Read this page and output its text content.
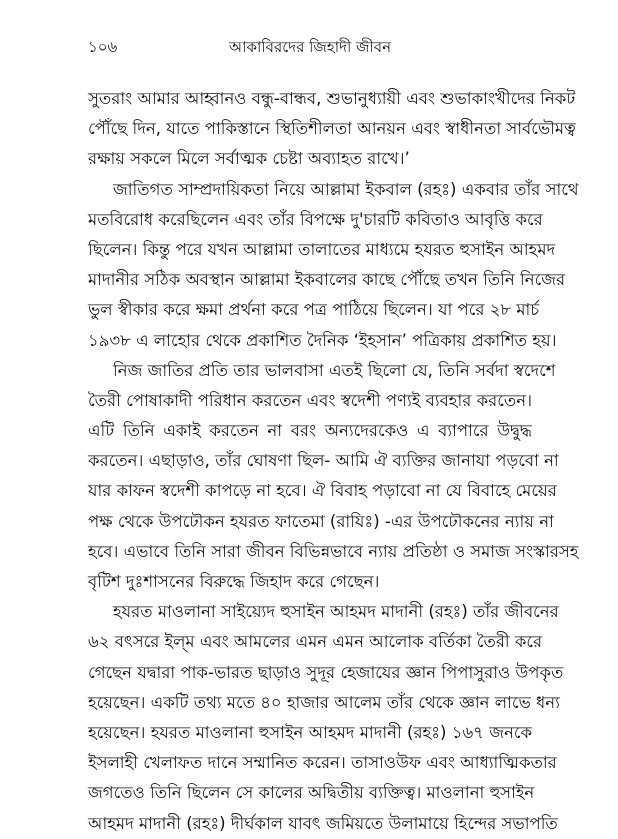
১০৬	আকাবিরদের জিহাদী জীবন
সুতরাং আমার আহ্বানও বন্ধু-বান্ধব, শুভানুধ্যায়ী এবং শুভাকাংখীদের নিকট
পৌঁছে দিন, যাতে পাকিস্তানে স্থিতিশীলতা আনয়ন এবং স্বাধীনতা সার্বভৌমত্ব
রক্ষায় সকলে মিলে সর্বাত্মক চেষ্টা অব্যাহত রাখে।’
জাতিগত সাম্প্রদায়িকতা নিয়ে আল্লামা ইকবাল (রহঃ) একবার তাঁর সাথে
মতবিরোধ করেছিলেন এবং তাঁর বিপক্ষে দু'চারটি কবিতাও আবৃত্তি করে
ছিলেন। কিন্তু পরে যখন আল্লামা তালাতের মাধ্যমে হযরত হুসাইন আহমদ
মাদানীর সঠিক অবস্থান আল্লামা ইকবালের কাছে পৌঁছে তখন তিনি নিজের
ভুল স্বীকার করে ক্ষমা প্রর্থনা করে পত্র পাঠিয়ে ছিলেন। যা পরে ২৮ মার্চ
১৯৩৮ এ লাহোর থেকে প্রকাশিত দৈনিক ‘ইহসান’ পত্রিকায় প্রকাশিত হয়।
নিজ জাতির প্রতি তার ভালবাসা এতই ছিলো যে, তিনি সর্বদা স্বদেশে
তৈরী পোষাকাদী পরিধান করতেন এবং স্বদেশী পণ্যই ব্যবহার করতেন।
এটি তিনি একাই করতেন না বরং অন্যদেরকেও এ ব্যাপারে উদ্বুদ্ধ
করতেন। এছাড়াও, তাঁর ঘোষণা ছিল- আমি ঐ ব্যক্তির জানাযা পড়বো না
যার কাফন স্বদেশী কাপড়ে না হবে। ঐ বিবাহ পড়াবো না যে বিবাহে মেয়ের
পক্ষ থেকে উপঢৌকন হযরত ফাতেমা (রাযিঃ) -এর উপঢৌকনের ন্যায় না
হবে। এভাবে তিনি সারা জীবন বিভিন্নভাবে ন্যায় প্রতিষ্ঠা ও সমাজ সংস্কারসহ
বৃটিশ দুঃশাসনের বিরুদ্ধে জিহাদ করে গেছেন।
হযরত মাওলানা সাইয়্যেদ হুসাইন আহমদ মাদানী (রহঃ) তাঁর জীবনের
৬২ বৎসরে ইল্‌ম এবং আমলের এমন এমন আলোক বর্তিকা তৈরী করে
গেছেন যদ্বারা পাক-ভারত ছাড়াও সুদূর হেজাযের জ্ঞান পিপাসুরাও উপকৃত
হয়েছেন। একটি তথ্য মতে ৪০ হাজার আলেম তাঁর থেকে জ্ঞান লাভে ধন্য
হয়েছেন। হযরত মাওলানা হুসাইন আহমদ মাদানী (রহঃ) ১৬৭ জনকে
ইসলাহী খেলাফত দানে সম্মানিত করেন। তাসাওউফ এবং আধ্যাত্মিকতার
জগতেও তিনি ছিলেন সে কালের অদ্বিতীয় ব্যক্তিত্ব। মাওলানা হুসাইন
আহমদ মাদানী (রহঃ) দীর্ঘকাল যাবৎ জমিয়তে উলামায়ে হিন্দের সভাপতি
